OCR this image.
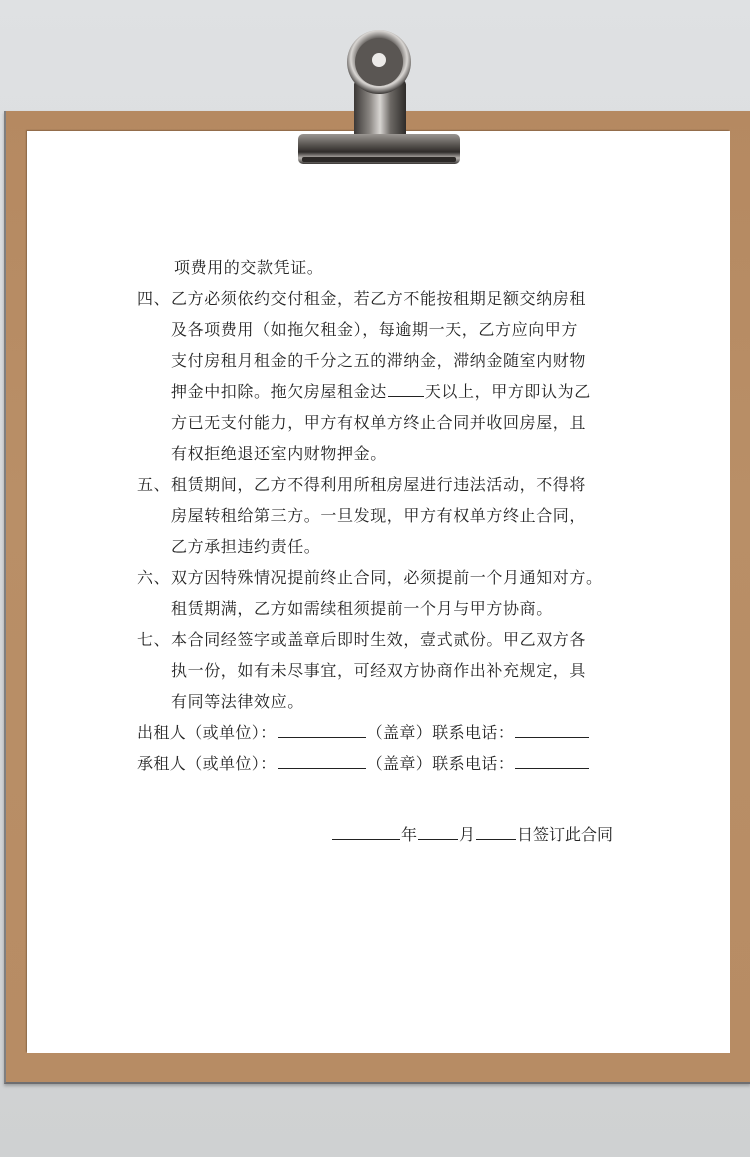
项费用的交款凭证。
四、乙方必须依约交付租金，若乙方不能按租期足额交纳房租
及各项费用（如拖欠租金），每逾期一天，乙方应向甲方
支付房租月租金的千分之五的滞纳金，滞纳金随室内财物
押金中扣除。拖欠房屋租金达 天以上，甲方即认为乙
方已无支付能力，甲方有权单方终止合同并收回房屋，且
有权拒绝退还室内财物押金。
五、租赁期间，乙方不得利用所租房屋进行违法活动，不得将
房屋转租给第三方。一旦发现，甲方有权单方终止合同，
乙方承担违约责任。
六、双方因特殊情况提前终止合同，必须提前一个月通知对方。
租赁期满，乙方如需续租须提前一个月与甲方协商。
七、本合同经签字或盖章后即时生效，壹式贰份。甲乙双方各
执一份，如有未尽事宜，可经双方协商作出补充规定，具
有同等法律效应。
出租人（或单位）：	（盖章）联系电话：
承租人（或单位）：	（盖章）联系电话：
年	月	日签订此合同
